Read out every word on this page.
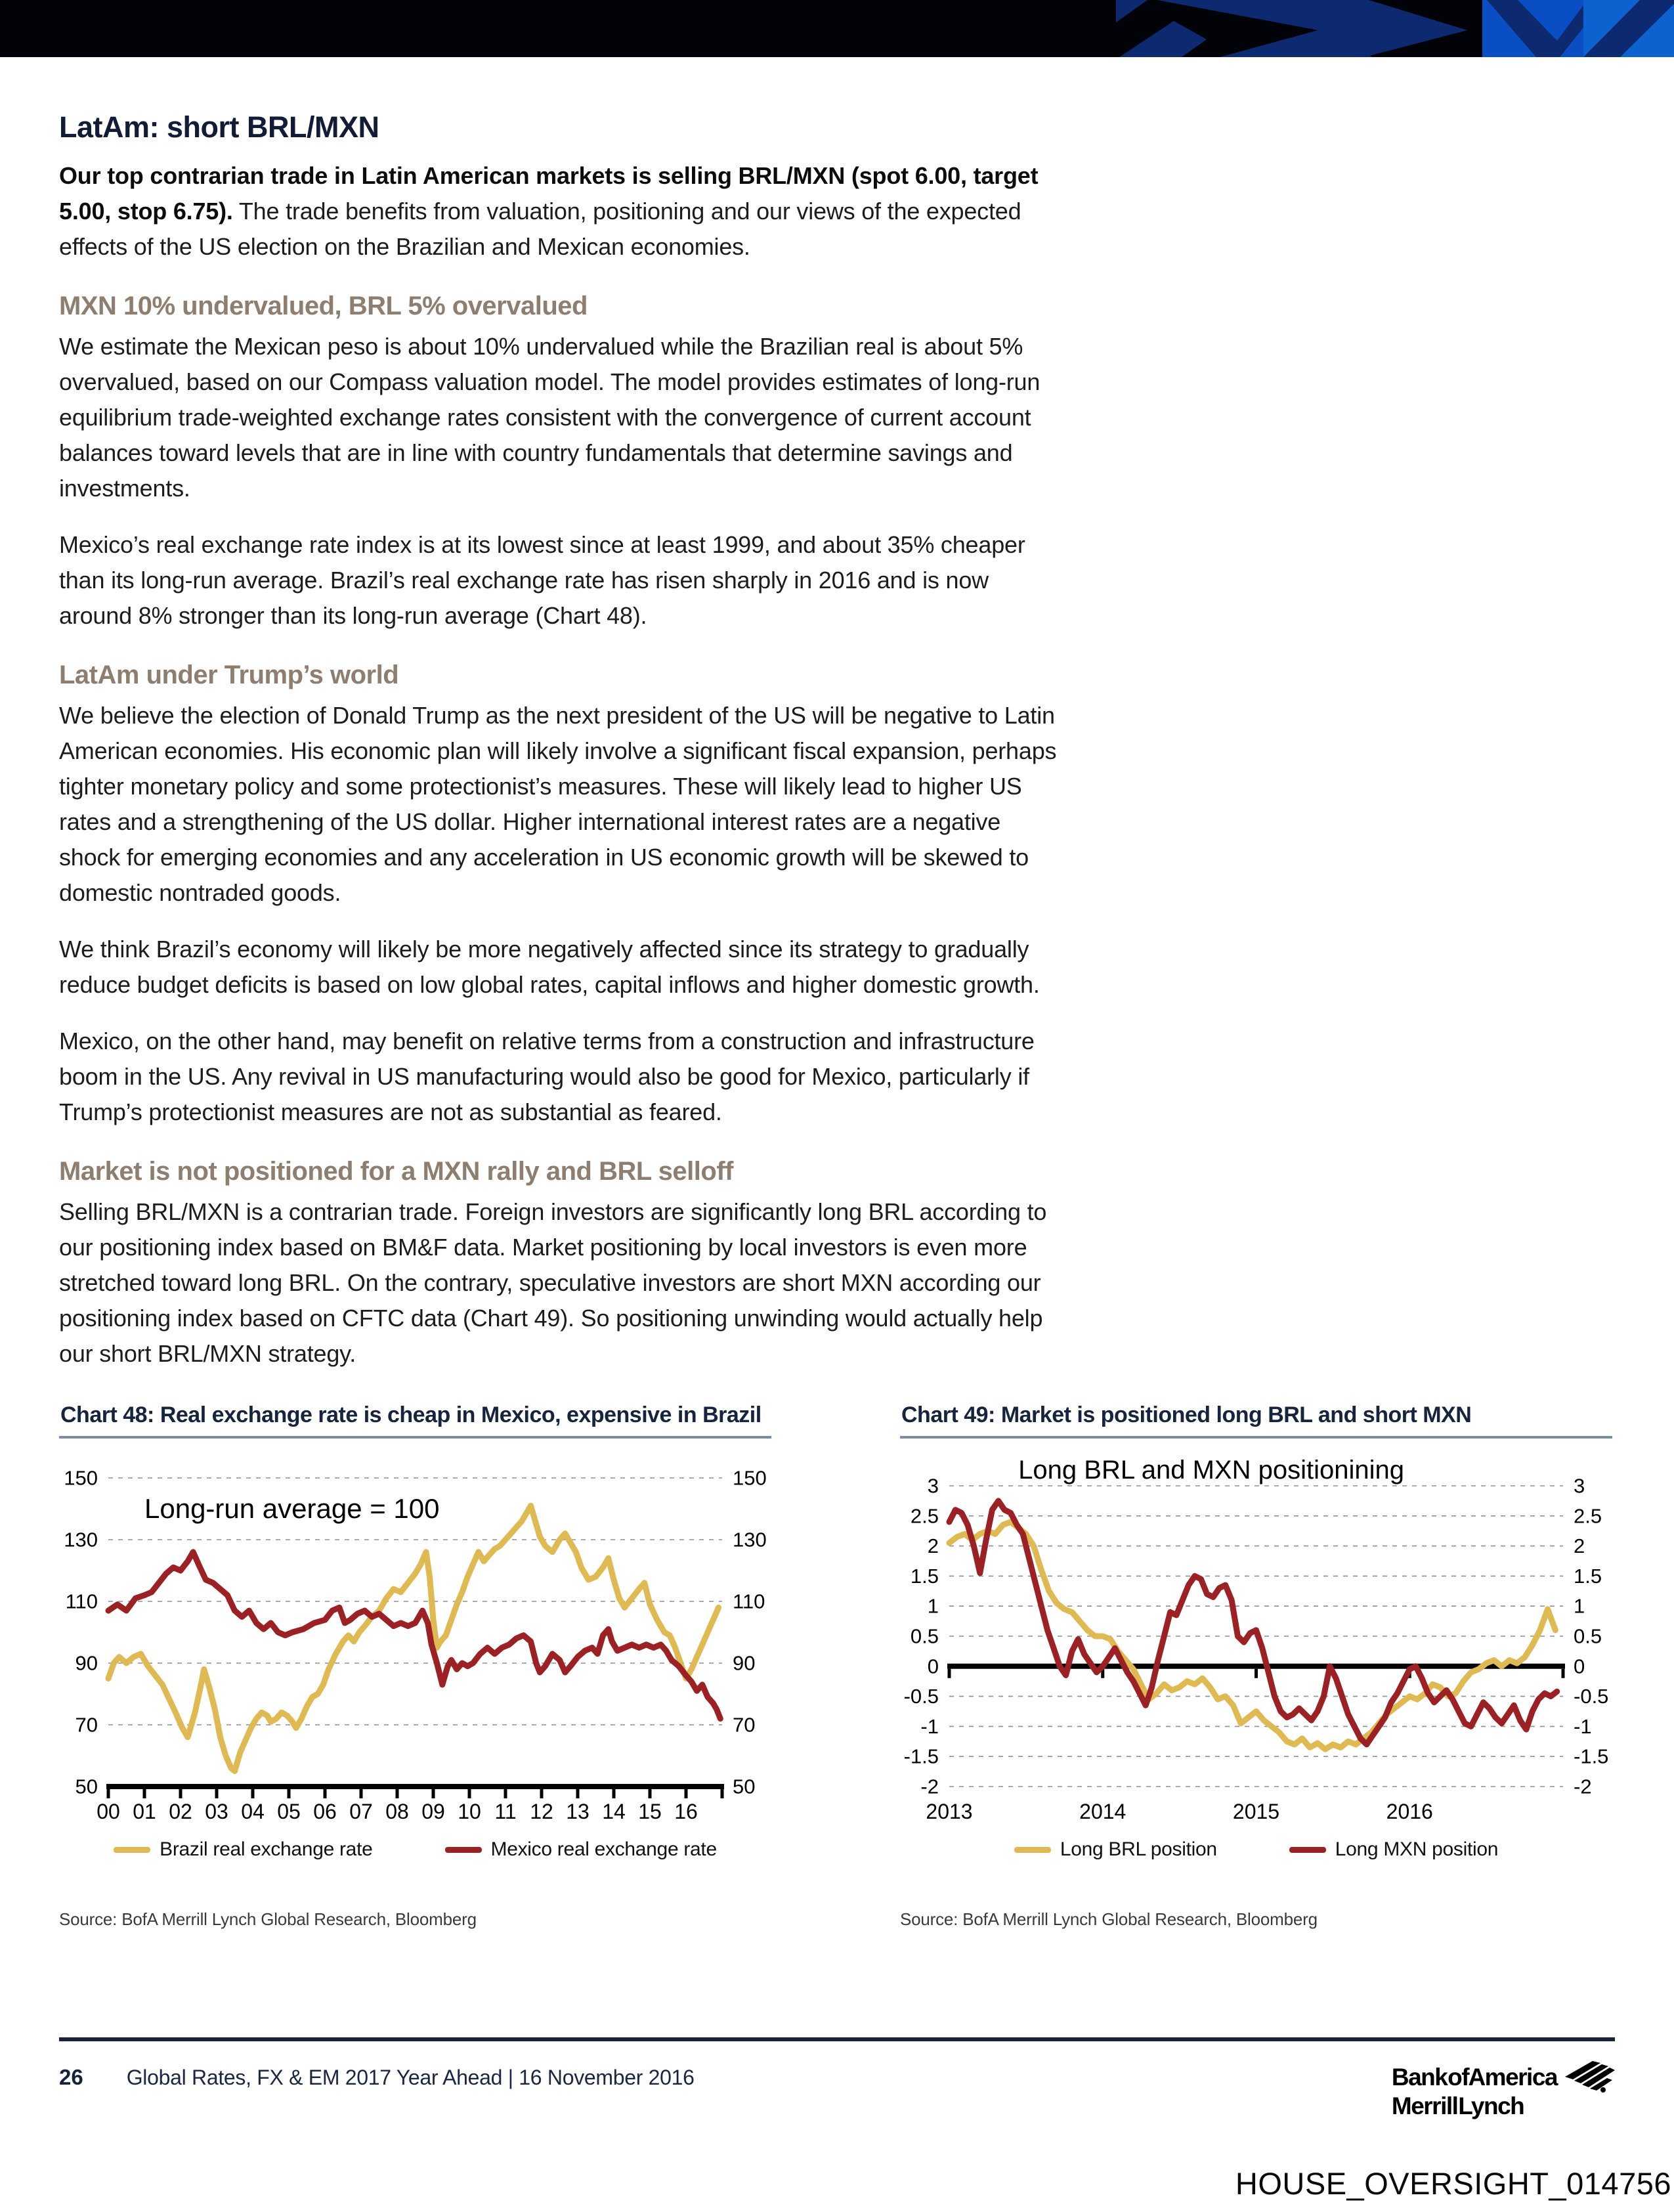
LatAm: short BRL/MXN

Our top contrarian trade in Latin American markets is selling BRL/MXN (spot 6.00, target 5.00, stop 6.75). The trade benefits from valuation, positioning and our views of the expected effects of the US election on the Brazilian and Mexican economies.

MXN 10% undervalued, BRL 5% overvalued

We estimate the Mexican peso is about 10% undervalued while the Brazilian real is about 5% overvalued, based on our Compass valuation model. The model provides estimates of long-run equilibrium trade-weighted exchange rates consistent with the convergence of current account balances toward levels that are in line with country fundamentals that determine savings and investments.

Mexico’s real exchange rate index is at its lowest since at least 1999, and about 35% cheaper than its long-run average. Brazil’s real exchange rate has risen sharply in 2016 and is now around 8% stronger than its long-run average (Chart 48).

LatAm under Trump’s world

We believe the election of Donald Trump as the next president of the US will be negative to Latin American economies. His economic plan will likely involve a significant fiscal expansion, perhaps tighter monetary policy and some protectionist’s measures. These will likely lead to higher US rates and a strengthening of the US dollar. Higher international interest rates are a negative shock for emerging economies and any acceleration in US economic growth will be skewed to domestic nontraded goods.

We think Brazil’s economy will likely be more negatively affected since its strategy to gradually reduce budget deficits is based on low global rates, capital inflows and higher domestic growth.

Mexico, on the other hand, may benefit on relative terms from a construction and infrastructure boom in the US. Any revival in US manufacturing would also be good for Mexico, particularly if Trump’s protectionist measures are not as substantial as feared.

Market is not positioned for a MXN rally and BRL selloff

Selling BRL/MXN is a contrarian trade. Foreign investors are significantly long BRL according to our positioning index based on BM&F data. Market positioning by local investors is even more stretched toward long BRL. On the contrary, speculative investors are short MXN according our positioning index based on CFTC data (Chart 49). So positioning unwinding would actually help our short BRL/MXN strategy.

Chart 48: Real exchange rate is cheap in Mexico, expensive in Brazil
50	50
70	70
90	90
110	110
130	130
150	150
00 01 02 03 04 05 06 07 08 09 10 11 12 13 14 15 16
Long-run average = 100
Brazil real exchange rate	Mexico real exchange rate
Source: BofA Merrill Lynch Global Research, Bloomberg
Chart 49: Market is positioned long BRL and short MXN
-2	-2
-1.5	-1.5
-1	-1
-0.5	-0.5
0	0
0.5	0.5
1	1
1.5	1.5
2	2
2.5	2.5
3	3
2013	2014	2015	2016
Long BRL and MXN positionining
Long BRL position	Long MXN position
Source: BofA Merrill Lynch Global Research, Bloomberg
26 Global Rates, FX & EM 2017 Year Ahead | 16 November 2016	Bank of America
Merrill Lynch
HOUSE_OVERSIGHT_014756
